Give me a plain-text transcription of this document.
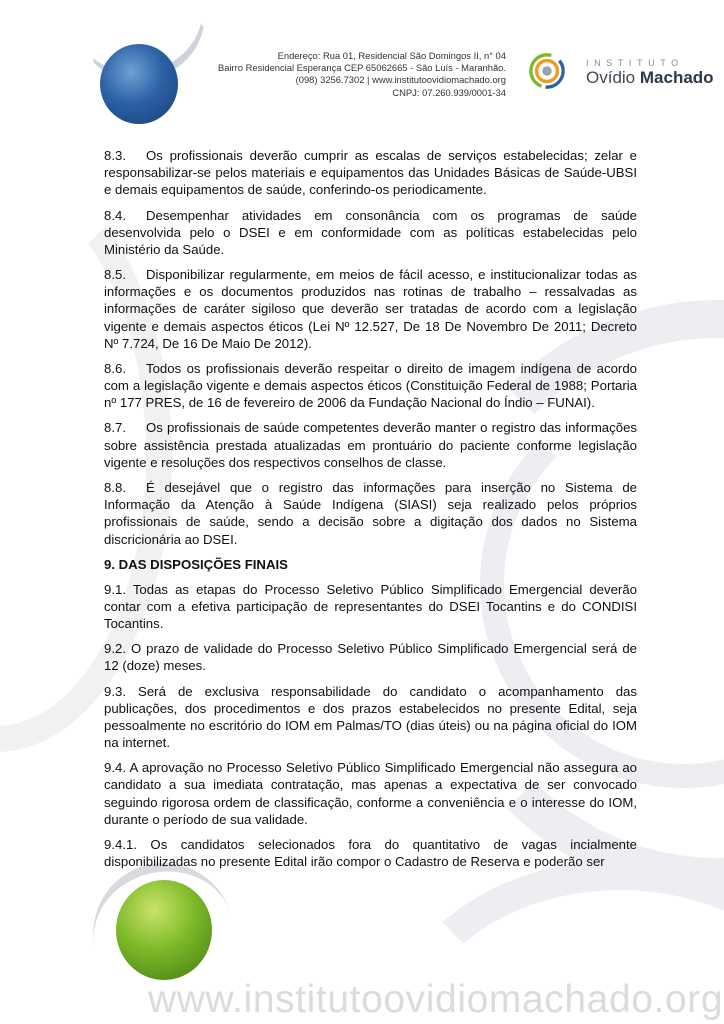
Endereço: Rua 01, Residencial São Domingos II, n° 04
Bairro Residencial Esperança CEP 65062665 - São Luís - Maranhão.
(098) 3256.7302 | www.institutoovidiomachado.org
CNPJ: 07.260.939/0001-34
INSTITUTO
Ovídio Machado

8.3. Os profissionais deverão cumprir as escalas de serviços estabelecidas; zelar e responsabilizar-se pelos materiais e equipamentos das Unidades Básicas de Saúde-UBSI e demais equipamentos de saúde, conferindo-os periodicamente.

8.4. Desempenhar atividades em consonância com os programas de saúde desenvolvida pelo o DSEI e em conformidade com as políticas estabelecidas pelo Ministério da Saúde.

8.5. Disponibilizar regularmente, em meios de fácil acesso, e institucionalizar todas as informações e os documentos produzidos nas rotinas de trabalho – ressalvadas as informações de caráter sigiloso que deverão ser tratadas de acordo com a legislação vigente e demais aspectos éticos (Lei Nº 12.527, De 18 De Novembro De 2011; Decreto Nº 7.724, De 16 De Maio De 2012).

8.6. Todos os profissionais deverão respeitar o direito de imagem indígena de acordo com a legislação vigente e demais aspectos éticos (Constituição Federal de 1988; Portaria nº 177 PRES, de 16 de fevereiro de 2006 da Fundação Nacional do Índio – FUNAI).

8.7. Os profissionais de saúde competentes deverão manter o registro das informações sobre assistência prestada atualizadas em prontuário do paciente conforme legislação vigente e resoluções dos respectivos conselhos de classe.

8.8. É desejável que o registro das informações para inserção no Sistema de Informação da Atenção à Saúde Indígena (SIASI) seja realizado pelos próprios profissionais de saúde, sendo a decisão sobre a digitação dos dados no Sistema discricionária ao DSEI.

9. DAS DISPOSIÇÕES FINAIS

9.1. Todas as etapas do Processo Seletivo Público Simplificado Emergencial deverão contar com a efetiva participação de representantes do DSEI Tocantins e do CONDISI Tocantins.

9.2. O prazo de validade do Processo Seletivo Público Simplificado Emergencial será de 12 (doze) meses.

9.3. Será de exclusiva responsabilidade do candidato o acompanhamento das publicações, dos procedimentos e dos prazos estabelecidos no presente Edital, seja pessoalmente no escritório do IOM em Palmas/TO (dias úteis) ou na página oficial do IOM na internet.

9.4. A aprovação no Processo Seletivo Público Simplificado Emergencial não assegura ao candidato a sua imediata contratação, mas apenas a expectativa de ser convocado seguindo rigorosa ordem de classificação, conforme a conveniência e o interesse do IOM, durante o período de sua validade.

9.4.1. Os candidatos selecionados fora do quantitativo de vagas incialmente disponibilizadas no presente Edital irão compor o Cadastro de Reserva e poderão ser

www.institutoovidiomachado.org
